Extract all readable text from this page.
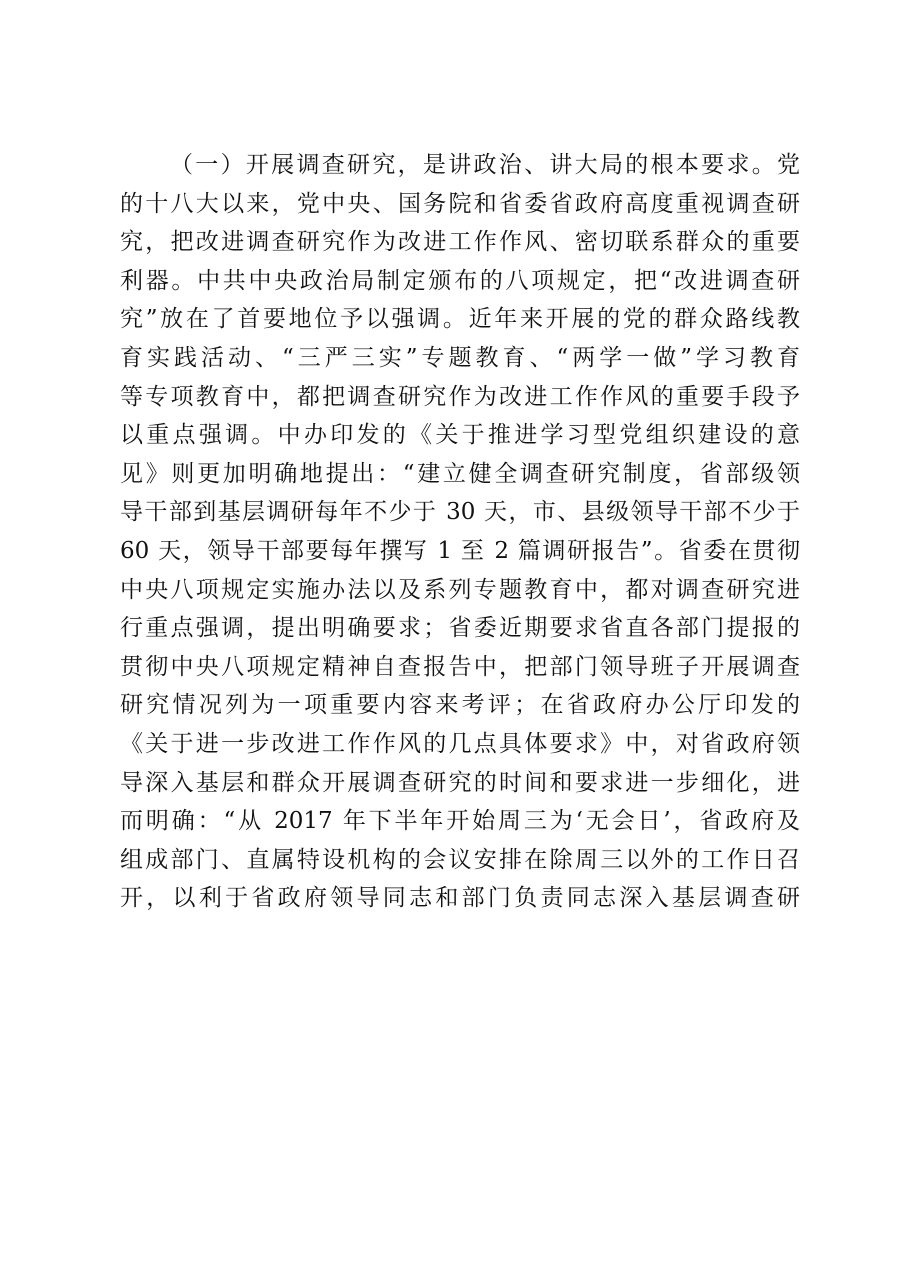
（一）开展调查研究，是讲政治、讲大局的根本要求。党
的十八大以来，党中央、国务院和省委省政府高度重视调查研
究，把改进调查研究作为改进工作作风、密切联系群众的重要
利器。中共中央政治局制定颁布的八项规定，把“改进调查研
究”放在了首要地位予以强调。近年来开展的党的群众路线教
育实践活动、“三严三实”专题教育、“两学一做”学习教育
等专项教育中，都把调查研究作为改进工作作风的重要手段予
以重点强调。中办印发的《关于推进学习型党组织建设的意
见》则更加明确地提出：“建立健全调查研究制度，省部级领
导干部到基层调研每年不少于 30 天，市、县级领导干部不少于
60 天，领导干部要每年撰写 1 至 2 篇调研报告”。省委在贯彻
中央八项规定实施办法以及系列专题教育中，都对调查研究进
行重点强调，提出明确要求；省委近期要求省直各部门提报的
贯彻中央八项规定精神自查报告中，把部门领导班子开展调查
研究情况列为一项重要内容来考评；在省政府办公厅印发的
《关于进一步改进工作作风的几点具体要求》中，对省政府领
导深入基层和群众开展调查研究的时间和要求进一步细化，进
而明确：“从 2017 年下半年开始周三为‘无会日’，省政府及
组成部门、直属特设机构的会议安排在除周三以外的工作日召
开，以利于省政府领导同志和部门负责同志深入基层调查研
